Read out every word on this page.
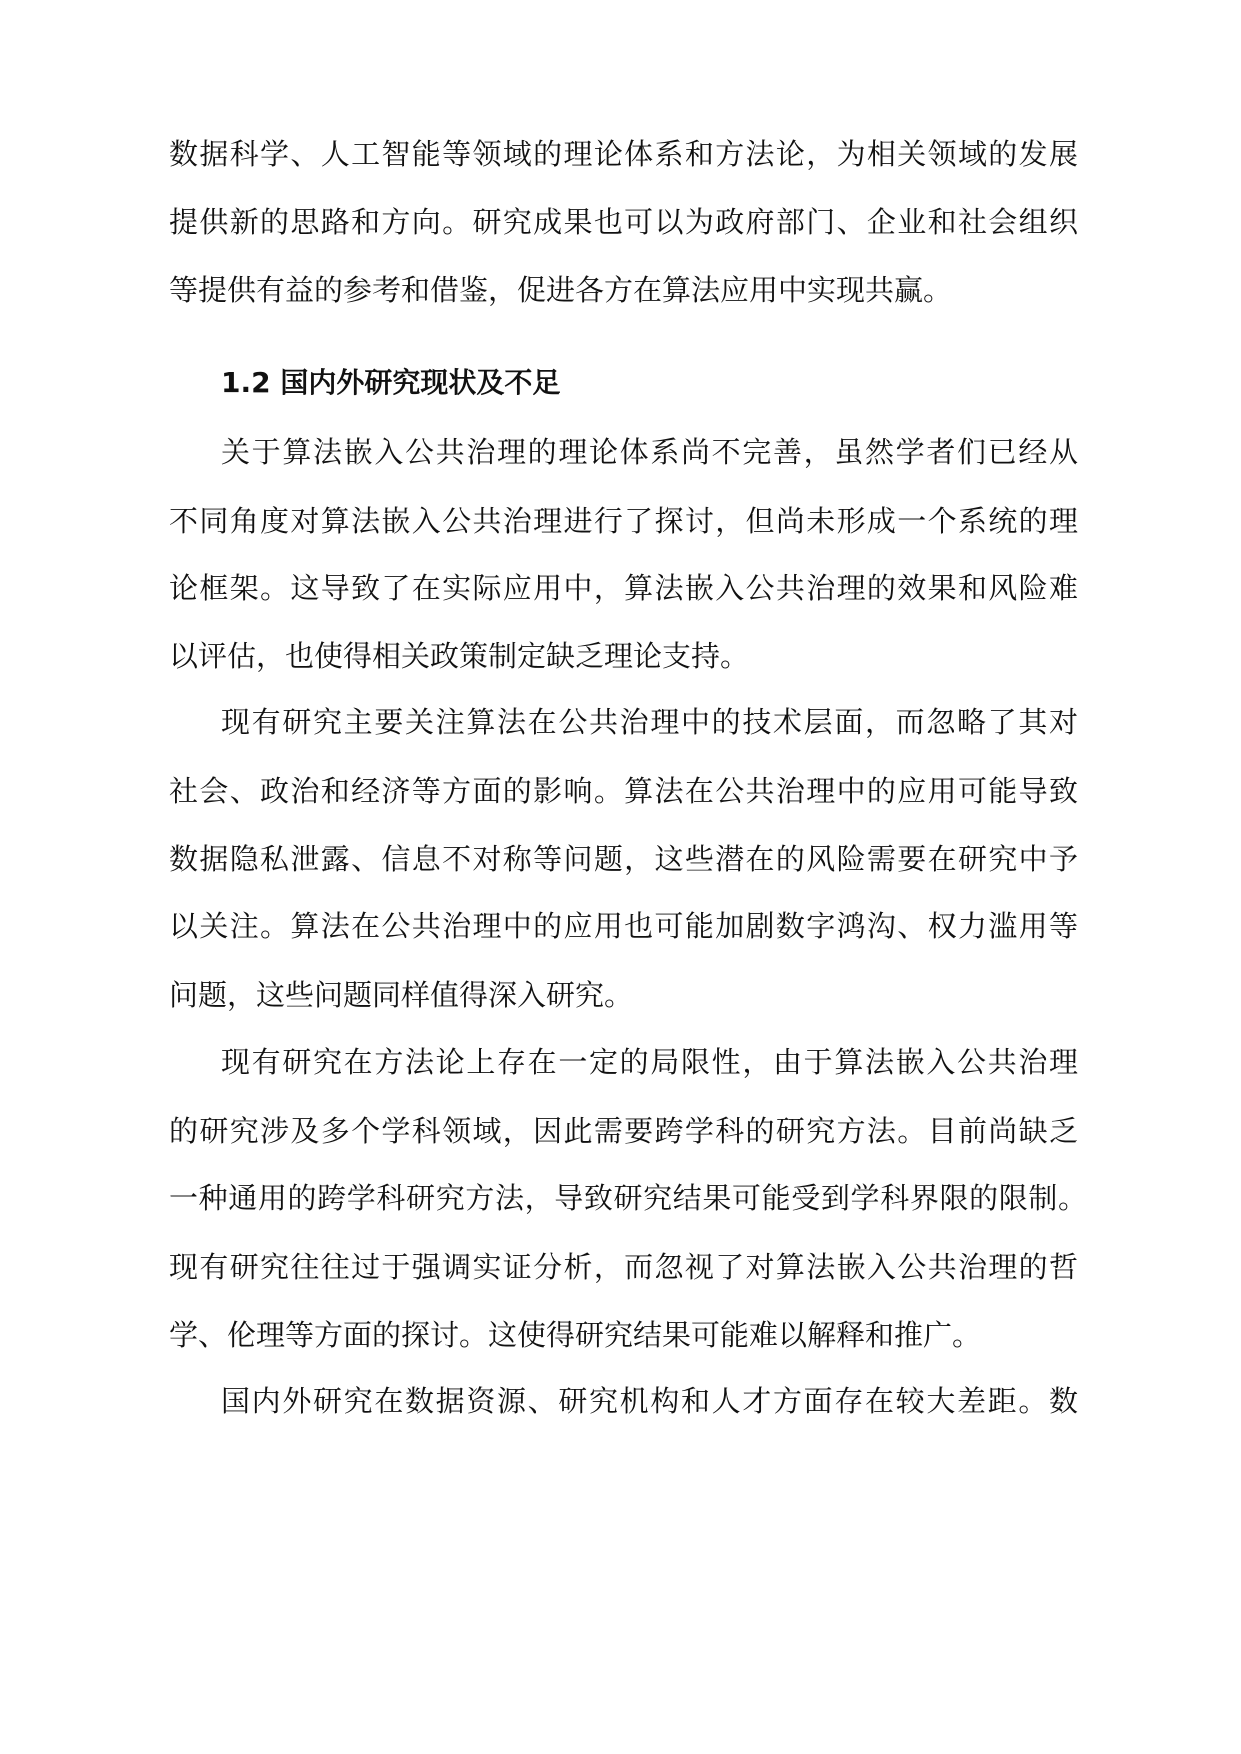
数据科学、人工智能等领域的理论体系和方法论，为相关领域的发展
提供新的思路和方向。研究成果也可以为政府部门、企业和社会组织
等提供有益的参考和借鉴，促进各方在算法应用中实现共赢。
1.2 国内外研究现状及不足
关于算法嵌入公共治理的理论体系尚不完善，虽然学者们已经从
不同角度对算法嵌入公共治理进行了探讨，但尚未形成一个系统的理
论框架。这导致了在实际应用中，算法嵌入公共治理的效果和风险难
以评估，也使得相关政策制定缺乏理论支持。
现有研究主要关注算法在公共治理中的技术层面，而忽略了其对
社会、政治和经济等方面的影响。算法在公共治理中的应用可能导致
数据隐私泄露、信息不对称等问题，这些潜在的风险需要在研究中予
以关注。算法在公共治理中的应用也可能加剧数字鸿沟、权力滥用等
问题，这些问题同样值得深入研究。
现有研究在方法论上存在一定的局限性，由于算法嵌入公共治理
的研究涉及多个学科领域，因此需要跨学科的研究方法。目前尚缺乏
一种通用的跨学科研究方法，导致研究结果可能受到学科界限的限制。
现有研究往往过于强调实证分析，而忽视了对算法嵌入公共治理的哲
学、伦理等方面的探讨。这使得研究结果可能难以解释和推广。
国内外研究在数据资源、研究机构和人才方面存在较大差距。数
